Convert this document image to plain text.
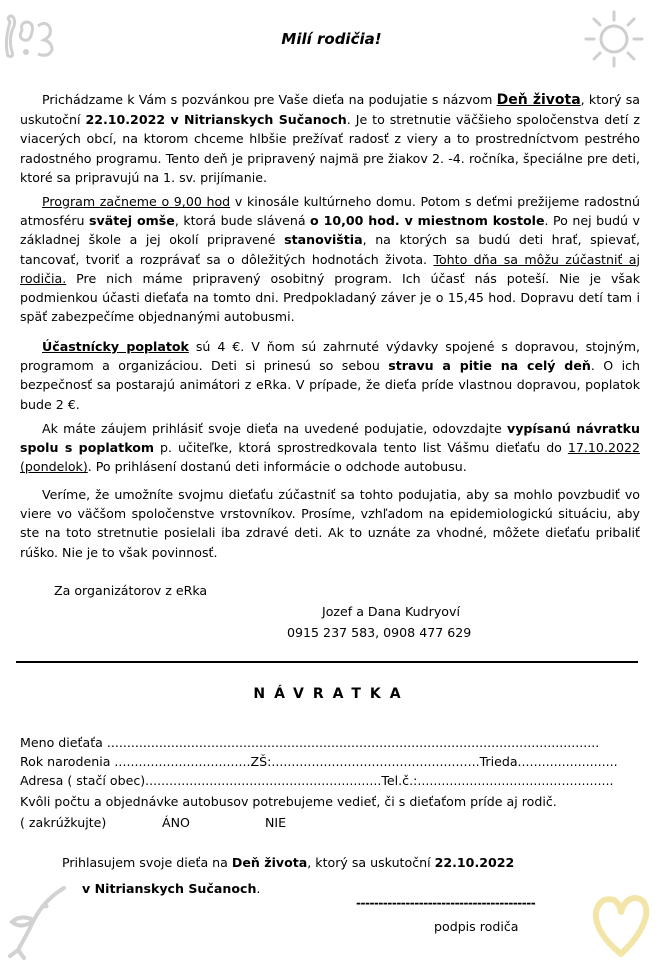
Milí rodičia!
Prichádzame k Vám s pozvánkou pre Vaše dieťa na podujatie s názvom Deň života, ktorý sa uskutoční 22.10.2022 v Nitrianskych Sučanoch. Je to stretnutie väčšieho spoločenstva detí z viacerých obcí, na ktorom chceme hlbšie prežívať radosť z viery a to prostredníctvom pestrého radostného programu. Tento deň je pripravený najmä pre žiakov 2. -4. ročníka, špeciálne pre deti, ktoré sa pripravujú na 1. sv. prijímanie.
Program začneme o 9,00 hod v kinosále kultúrneho domu. Potom s deťmi prežijeme radostnú atmosféru svätej omše, ktorá bude slávená o 10,00 hod. v miestnom kostole. Po nej budú v základnej škole a jej okolí pripravené stanovištia, na ktorých sa budú deti hrať, spievať, tancovať, tvoriť a rozprávať sa o dôležitých hodnotách života. Tohto dňa sa môžu zúčastniť aj rodičia. Pre nich máme pripravený osobitný program. Ich účasť nás poteší. Nie je však podmienkou účasti dieťaťa na tomto dni. Predpokladaný záver je o 15,45 hod. Dopravu detí tam i späť zabezpečíme objednanými autobusmi.
Účastnícky poplatok sú 4 €. V ňom sú zahrnuté výdavky spojené s dopravou, stojným, programom a organizáciou. Deti si prinesú so sebou stravu a pitie na celý deň. O ich bezpečnosť sa postarajú animátori z eRka. V prípade, že dieťa príde vlastnou dopravou, poplatok bude 2 €.
Ak máte záujem prihlásiť svoje dieťa na uvedené podujatie, odovzdajte vypísanú návratku spolu s poplatkom p. učiteľke, ktorá sprostredkovala tento list Vášmu dieťaťu do 17.10.2022 (pondelok). Po prihlásení dostanú deti informácie o odchode autobusu.
Veríme, že umožníte svojmu dieťaťu zúčastniť sa tohto podujatia, aby sa mohlo povzbudiť vo viere vo väčšom spoločenstve vrstovníkov. Prosíme, vzhľadom na epidemiologickú situáciu, aby ste na toto stretnutie posielali iba zdravé deti. Ak to uznáte za vhodné, môžete dieťaťu pribaliť rúško. Nie je to však povinnosť.
Za organizátorov z eRka
Jozef a Dana Kudryoví
0915 237 583, 0908 477 629
NÁVRATKA
Meno dieťaťa ...........................................................................................................................
Rok narodenia ..................................ZŠ:....................................................Trieda.........................
Adresa ( stačí obec)...........................................................Tel.č.:.................................................
Kvôli počtu a objednávke autobusov potrebujeme vedieť, či s dieťaťom príde aj rodič.
( zakrúžkujte)	ÁNO	NIE
Prihlasujem svoje dieťa na Deň života, ktorý sa uskutoční 22.10.2022
v Nitrianskych Sučanoch.
----------------------------------------
podpis rodiča
